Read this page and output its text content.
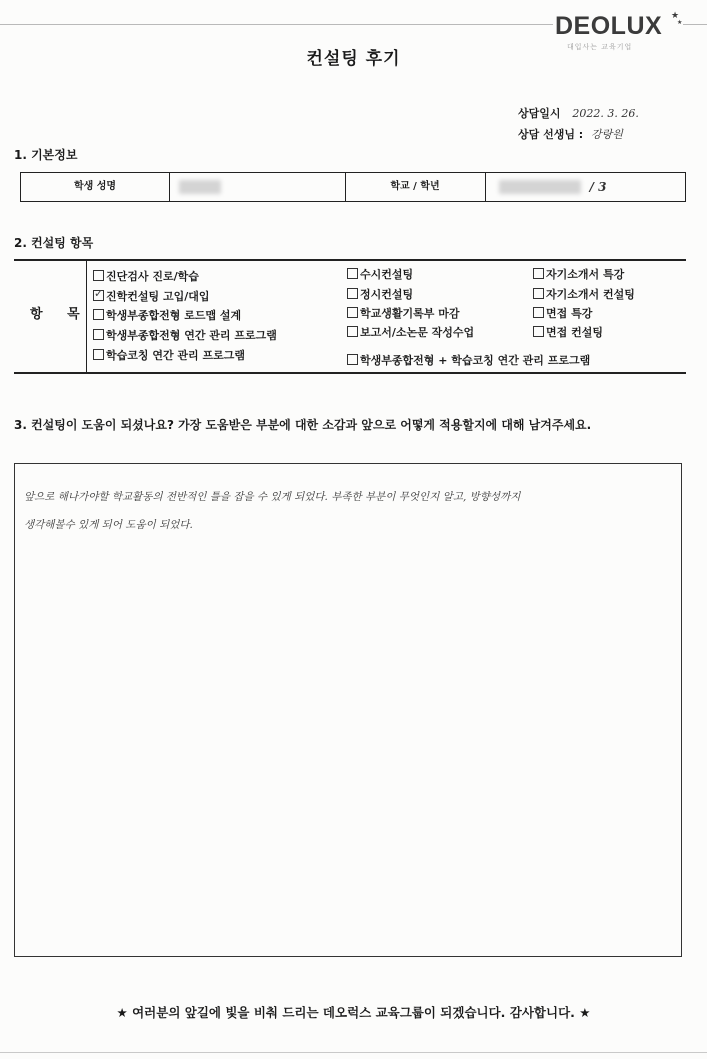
DEOLUX ★
★
대입사는 교육기업
컨설팅 후기
상담일시 2022. 3. 26.
상담 선생님 : 강랑원
1. 기본정보
학생 성명	학교 / 학년	/ 3
2. 컨설팅 항목
항 목
진단검사 진로/학습
✓ 진학컨설팅 고입/대입
학생부종합전형 로드맵 설계
학생부종합전형 연간 관리 프로그램
학습코칭 연간 관리 프로그램
수시컨설팅
정시컨설팅
학교생활기록부 마감
보고서/소논문 작성수업
학생부종합전형 + 학습코칭 연간 관리 프로그램
자기소개서 특강
자기소개서 컨설팅
면접 특강
면접 컨설팅
3. 컨설팅이 도움이 되셨나요? 가장 도움받은 부분에 대한 소감과 앞으로 어떻게 적용할지에 대해 남겨주세요.
앞으로 해나가야할 학교활동의 전반적인 틀을 잡을 수 있게 되었다. 부족한 부분이 무엇인지 알고, 방향성까지
생각해볼수 있게 되어 도움이 되었다.
★ 여러분의 앞길에 빛을 비춰 드리는 데오럭스 교육그룹이 되겠습니다. 감사합니다. ★
